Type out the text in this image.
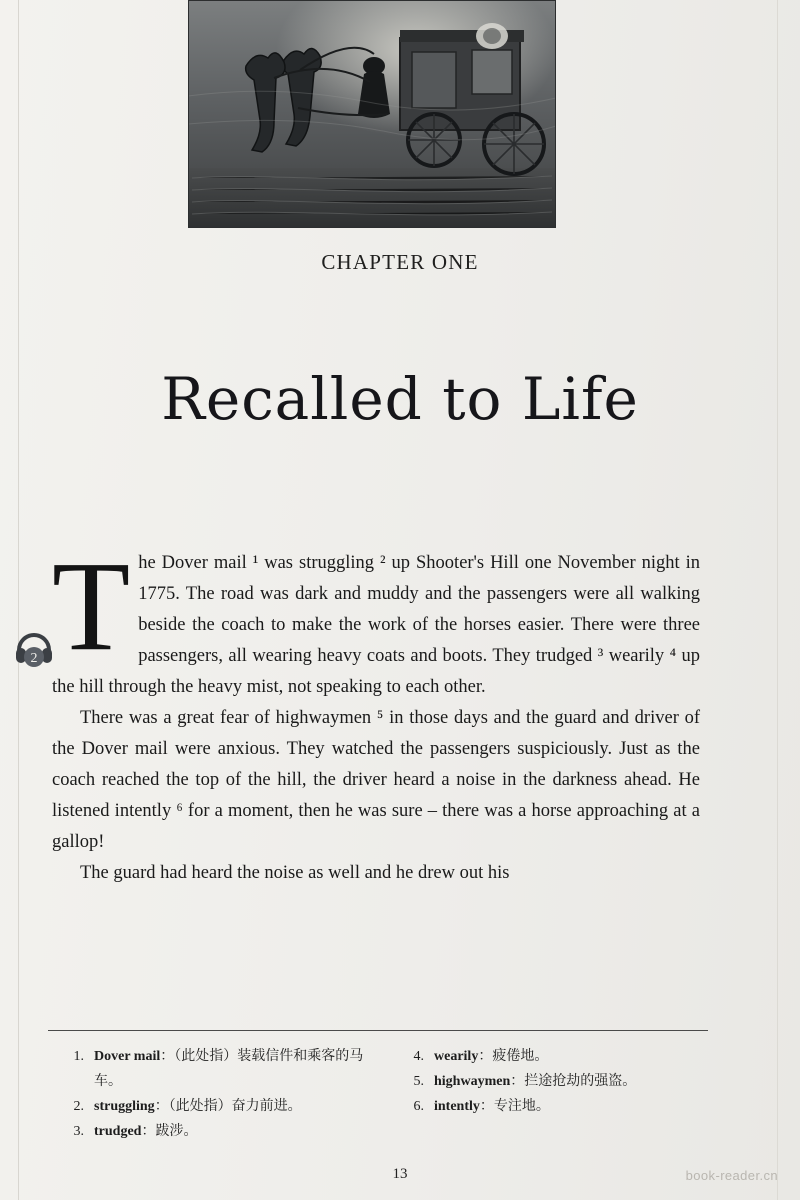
CHAPTER ONE
Recalled to Life
2 The Dover mail ¹ was struggling ² up Shooter's Hill one November night in 1775. The road was dark and muddy and the passengers were all walking beside the coach to make the work of the horses easier. There were three passengers, all wearing heavy coats and boots. They trudged ³ wearily ⁴ up the hill through the heavy mist, not speaking to each other.

There was a great fear of highwaymen ⁵ in those days and the guard and driver of the Dover mail were anxious. They watched the passengers suspiciously. Just as the coach reached the top of the hill, the driver heard a noise in the darkness ahead. He listened intently ⁶ for a moment, then he was sure – there was a horse approaching at a gallop!

The guard had heard the noise as well and he drew out his

1. Dover mail：（此处指）装载信件和乘客的马车。
2. struggling：（此处指）奋力前进。
3. trudged：跋涉。
4. wearily：疲倦地。
5. highwaymen：拦途抢劫的强盗。
6. intently：专注地。
13	book-reader.cn
